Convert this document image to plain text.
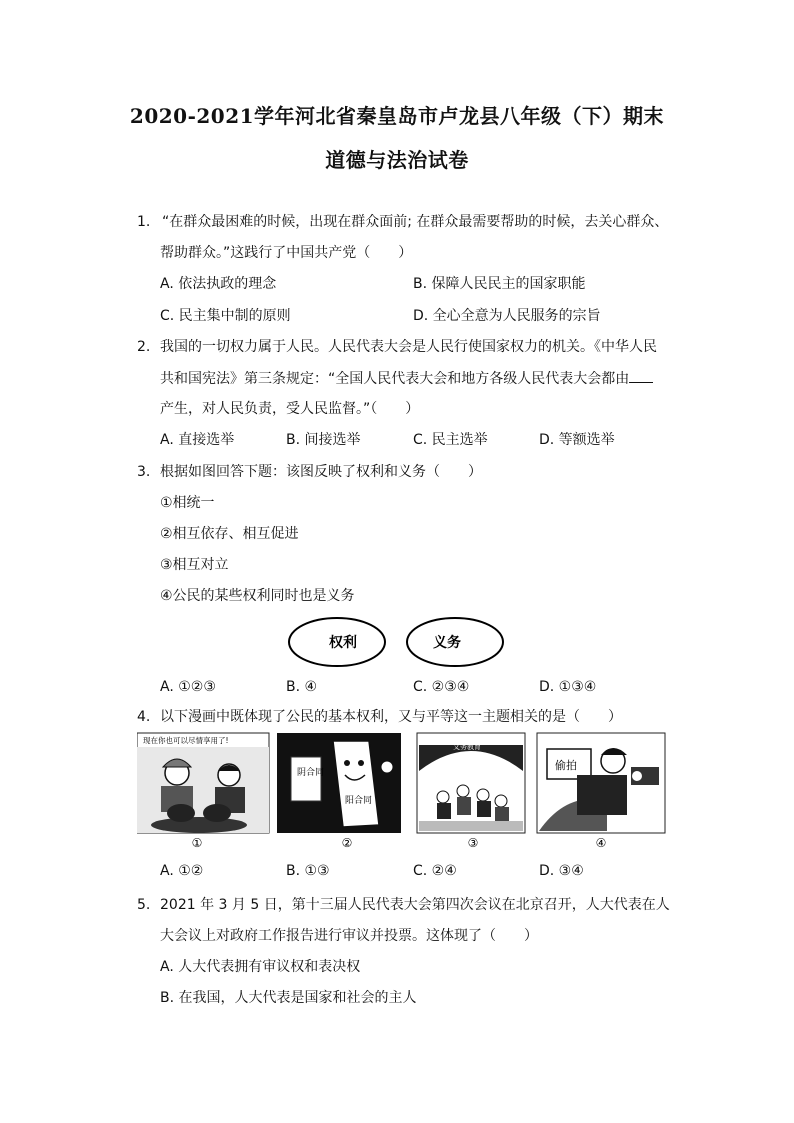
2020-2021学年河北省秦皇岛市卢龙县八年级（下）期末
道德与法治试卷
1. “在群众最困难的时候，出现在群众面前; 在群众最需要帮助的时候，去关心群众、
帮助群众。”这践行了中国共产党（　　）
A. 依法执政的理念	B. 保障人民民主的国家职能
C. 民主集中制的原则	D. 全心全意为人民服务的宗旨
2. 我国的一切权力属于人民。人民代表大会是人民行使国家权力的机关。《中华人民
共和国宪法》第三条规定：“全国人民代表大会和地方各级人民代表大会都由
产生，对人民负责，受人民监督。”（　　）
A. 直接选举	B. 间接选举	C. 民主选举	D. 等额选举
3. 根据如图回答下题：该图反映了权利和义务（　　）
①相统一
②相互依存、相互促进
③相互对立
④公民的某些权利同时也是义务
权利	义务
A. ①②③	B. ④	C. ②③④	D. ①③④
4. 以下漫画中既体现了公民的基本权利，又与平等这一主题相关的是（　　）
现在你也可以尽情享用了!
阴合同
阳合同
义务教育
偷拍
①	②	③	④
A. ①②	B. ①③	C. ②④	D. ③④
5. 2021 年 3 月 5 日，第十三届人民代表大会第四次会议在北京召开，人大代表在人
大会议上对政府工作报告进行审议并投票。这体现了（　　）
A. 人大代表拥有审议权和表决权
B. 在我国，人大代表是国家和社会的主人
